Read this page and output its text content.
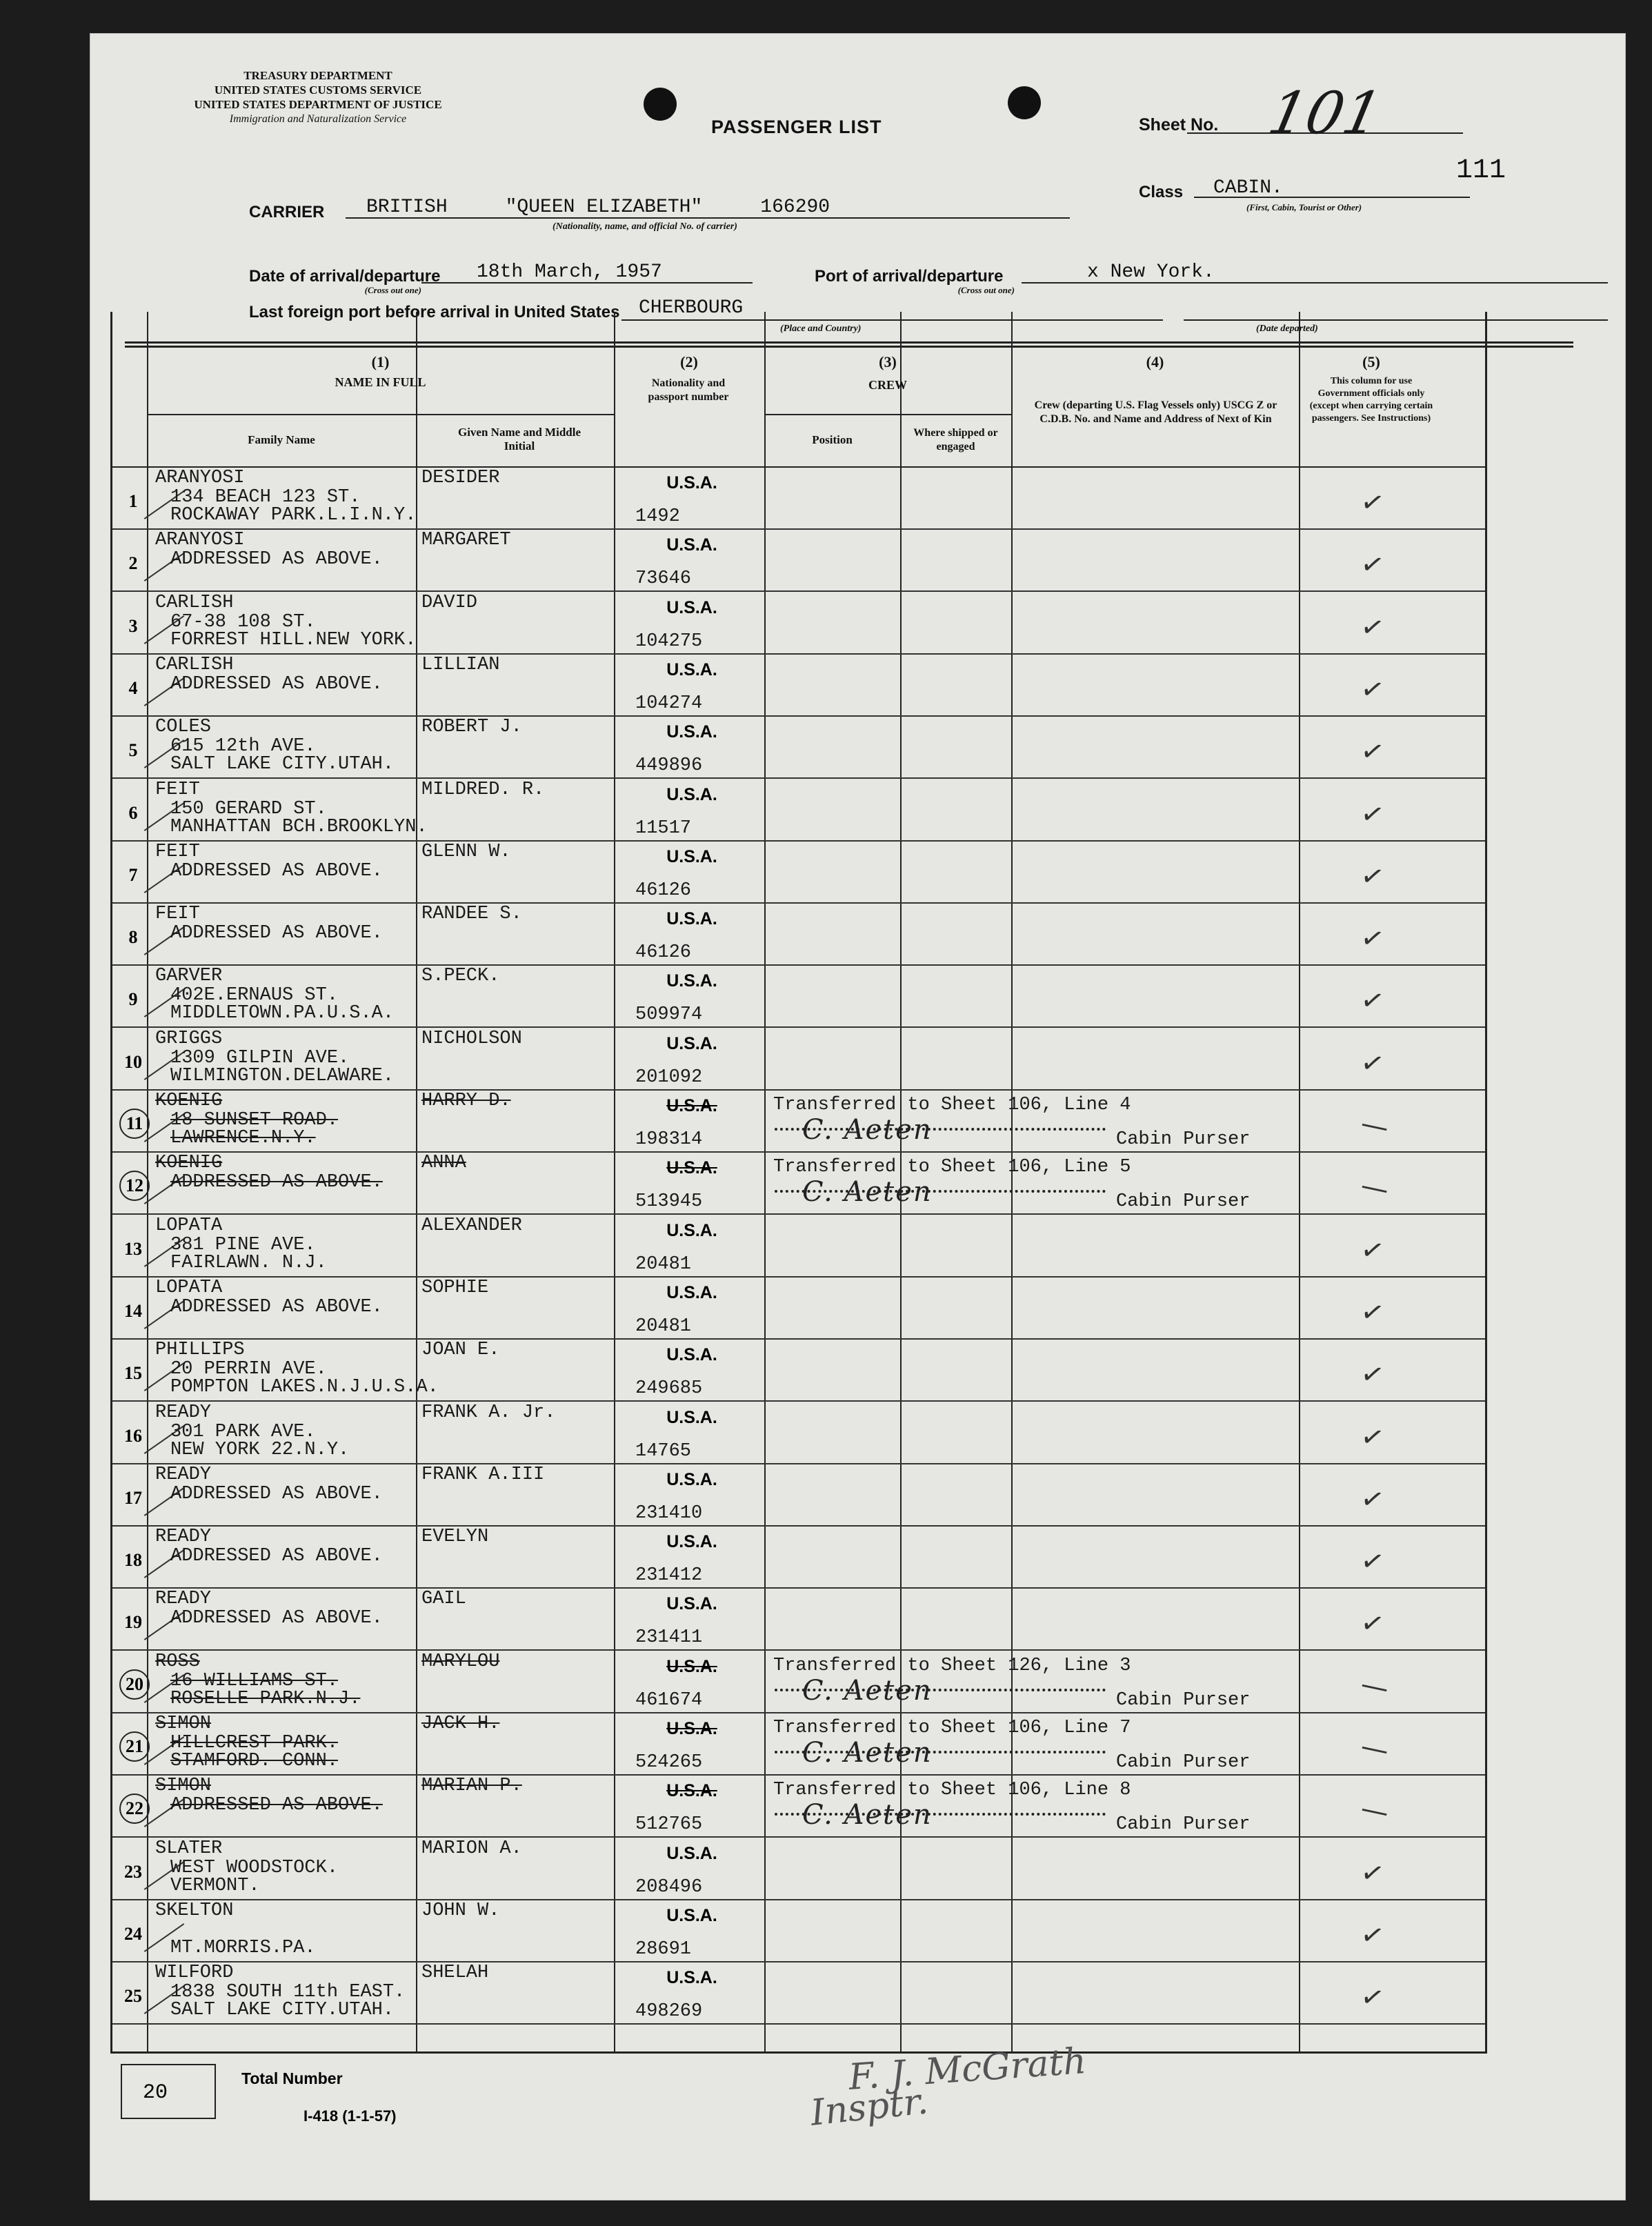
TREASURY DEPARTMENT
UNITED STATES CUSTOMS SERVICE
UNITED STATES DEPARTMENT OF JUSTICE
Immigration and Naturalization Service	PASSENGER LIST	Sheet No. 101
111
Class CABIN.
(First, Cabin, Tourist or Other)
CARRIER BRITISH     "QUEEN ELIZABETH"     166290
(Nationality, name, and official No. of carrier)
Date of arrival/departure
(Cross out one)
18th March, 1957	Port of arrival/departure
(Cross out one)
x New York.
Last foreign port before arrival in United States CHERBOURG
(Place and Country)	(Date departed)
(1)
NAME IN FULL
Family Name
Given Name and Middle Initial
(2)
Nationality and passport number
(3)
CREW
Position
Where shipped or engaged
(4)
Crew (departing U.S. Flag Vessels only) USCG Z or C.D.B. No. and Name and Address of Next of Kin
(5)
This column for use Government officials only (except when carrying certain passengers. See Instructions)
1
ARANYOSI
134 BEACH 123 ST.
ROCKAWAY PARK.L.I.N.Y.
DESIDER	U.S.A.
1492	✓
2
ARANYOSI
ADDRESSED AS ABOVE.
MARGARET	U.S.A.
73646	✓
3
CARLISH
67-38 108 ST.
FORREST HILL.NEW YORK.
DAVID	U.S.A.
104275	✓
4
CARLISH
ADDRESSED AS ABOVE.
LILLIAN	U.S.A.
104274	✓
5
COLES
615 12th AVE.
SALT LAKE CITY.UTAH.
ROBERT J.	U.S.A.
449896	✓
6
FEIT
150 GERARD ST.
MANHATTAN BCH.BROOKLYN.
MILDRED. R.	U.S.A.
11517	✓
7
FEIT
ADDRESSED AS ABOVE.
GLENN W.	U.S.A.
46126	✓
8
FEIT
ADDRESSED AS ABOVE.
RANDEE S.	U.S.A.
46126	✓
9
GARVER
402E.ERNAUS ST.
MIDDLETOWN.PA.U.S.A.
S.PECK.	U.S.A.
509974	✓
10
GRIGGS
1309 GILPIN AVE.
WILMINGTON.DELAWARE.
NICHOLSON	U.S.A.
201092	✓
11
KOENIG
18 SUNSET ROAD.
LAWRENCE.N.Y.
HARRY D.	U.S.A.
198314
Transferred to Sheet 106, Line 4
C. Aeten	Cabin Purser	—
12
KOENIG
ADDRESSED AS ABOVE.
ANNA	U.S.A.
513945
Transferred to Sheet 106, Line 5
C. Aeten	Cabin Purser	—
13
LOPATA
381 PINE AVE.
FAIRLAWN. N.J.
ALEXANDER	U.S.A.
20481	✓
14
LOPATA
ADDRESSED AS ABOVE.
SOPHIE	U.S.A.
20481	✓
15
PHILLIPS
20 PERRIN AVE.
POMPTON LAKES.N.J.U.S.A.
JOAN E.	U.S.A.
249685	✓
16
READY
301 PARK AVE.
NEW YORK 22.N.Y.
FRANK A. Jr.	U.S.A.
14765	✓
17
READY
ADDRESSED AS ABOVE.
FRANK A.III	U.S.A.
231410	✓
18
READY
ADDRESSED AS ABOVE.
EVELYN	U.S.A.
231412	✓
19
READY
ADDRESSED AS ABOVE.
GAIL	U.S.A.
231411	✓
20
ROSS
16 WILLIAMS ST.
ROSELLE PARK.N.J.
MARYLOU	U.S.A.
461674
Transferred to Sheet 126, Line 3
C. Aeten	Cabin Purser	—
21
SIMON
HILLCREST PARK.
STAMFORD. CONN.
JACK H.	U.S.A.
524265
Transferred to Sheet 106, Line 7
C. Aeten	Cabin Purser	—
22
SIMON
ADDRESSED AS ABOVE.
MARIAN P.	U.S.A.
512765
Transferred to Sheet 106, Line 8
C. Aeten	Cabin Purser	—
23
SLATER
WEST WOODSTOCK.
VERMONT.
MARION A.	U.S.A.
208496	✓
24
SKELTON
MT.MORRIS.PA.
JOHN W.	U.S.A.
28691	✓
25
WILFORD
1838 SOUTH 11th EAST.
SALT LAKE CITY.UTAH.
SHELAH	U.S.A.
498269	✓
20
Total Number
I-418 (1-1-57)
F. J. McGrath
Insptr.
